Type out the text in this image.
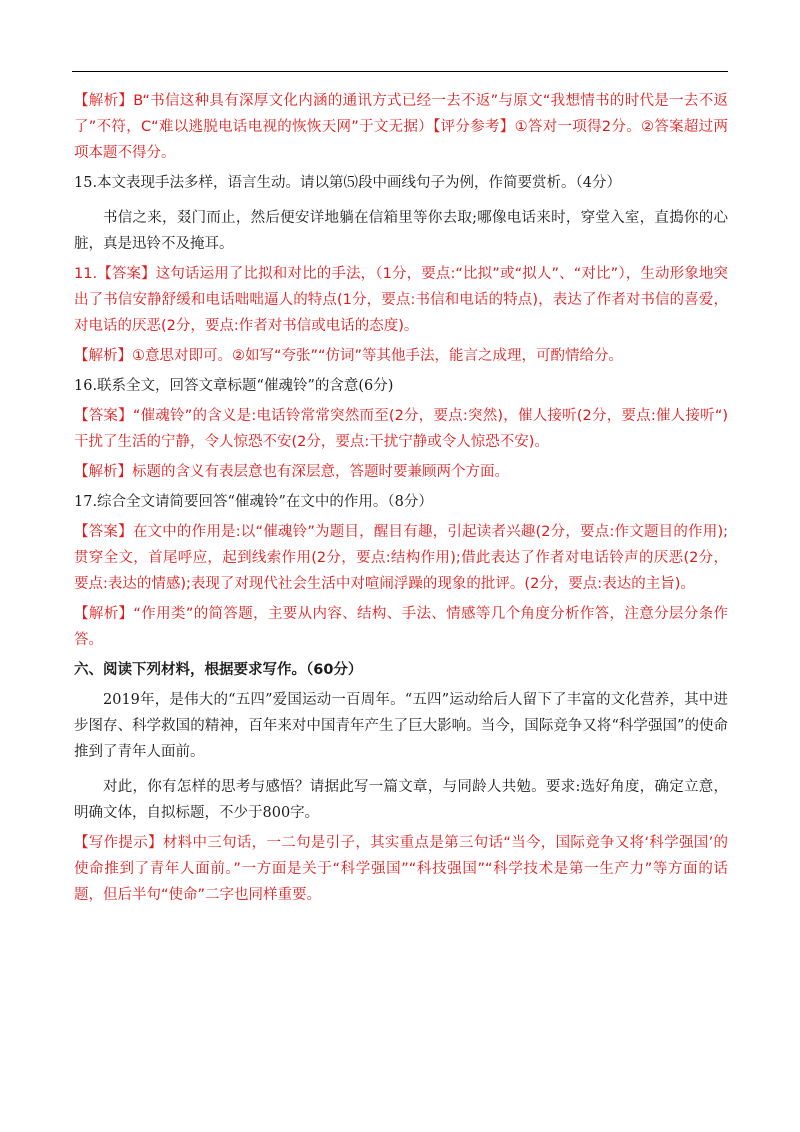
【解析】B“书信这种具有深厚文化内涵的通讯方式已经一去不返”与原文“我想情书的时代是一去不返了”不符，C“难以逃脱电话电视的恢恢天网”于文无据）【评分参考】①答对一项得2分。②答案超过两项本题不得分。

15.本文表现手法多样，语言生动。请以第⑸段中画线句子为例，作简要赏析。（4分）

书信之来，叕门而止，然后便安详地躺在信箱里等你去取;哪像电话来时，穿堂入室，直搗你的心脏，真是迅铃不及掩耳。

11.【答案】这句话运用了比拟和对比的手法，（1分，要点:“比拟”或“拟人”、“对比”），生动形象地突出了书信安静舒缓和电话咄咄逼人的特点(1分，要点:书信和电话的特点)，表达了作者对书信的喜爱，对电话的厌恶(2分，要点:作者对书信或电话的态度)。

【解析】①意思对即可。②如写“夸张”“仿词”等其他手法，能言之成理，可酌情给分。

16.联系全文，回答文章标题“催魂铃”的含意(6分)

【答案】“催魂铃”的含义是:电话铃常常突然而至(2分，要点:突然)，催人接听(2分，要点:催人接听“)干扰了生活的宁静，令人惊恐不安(2分，要点:干扰宁静或令人惊恐不安)。

【解析】标题的含义有表层意也有深层意，答题时要兼顾两个方面。

17.综合全文请简要回答“催魂铃”在文中的作用。（8分）

【答案】在文中的作用是:以“催魂铃”为题目，醒目有趣，引起读者兴趣(2分，要点:作文题目的作用);贯穿全文，首尾呼应，起到线索作用(2分，要点:结构作用);借此表达了作者对电话铃声的厌恶(2分，要点:表达的情感);表现了对现代社会生活中对喧闹浮躁的现象的批评。(2分，要点:表达的主旨)。

【解析】“作用类”的简答题，主要从内容、结构、手法、情感等几个角度分析作答，注意分层分条作答。

六、阅读下列材料，根据要求写作。（60分）

2019年，是伟大的“五四”爱国运动一百周年。“五四”运动给后人留下了丰富的文化营养，其中进步图存、科学救国的精神，百年来对中国青年产生了巨大影响。当今，国际竞争又将“科学强国”的使命推到了青年人面前。

对此，你有怎样的思考与感悟？请据此写一篇文章，与同龄人共勉。要求:选好角度，确定立意，明确文体，自拟标题，不少于800字。

【写作提示】材料中三句话，一二句是引子，其实重点是第三句话“当今，国际竞争又将‘科学强国’的使命推到了青年人面前。”一方面是关于“科学强国”“科技强国”“科学技术是第一生产力”等方面的话题，但后半句“使命”二字也同样重要。
